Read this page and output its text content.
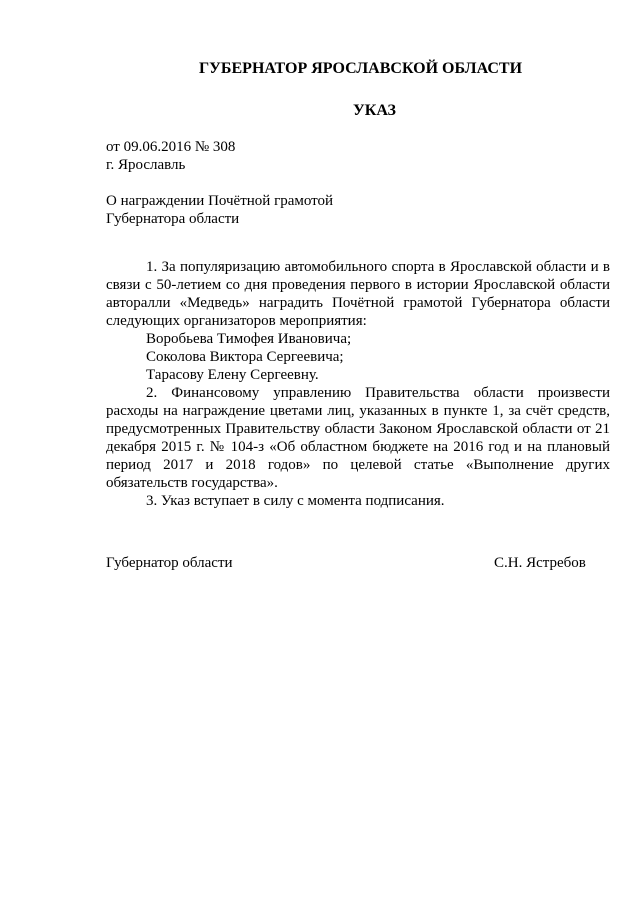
ГУБЕРНАТОР ЯРОСЛАВСКОЙ ОБЛАСТИ
УКАЗ
от 09.06.2016 № 308
г. Ярославль
О награждении Почётной грамотой
Губернатора области

1. За популяризацию автомобильного спорта в Ярославской области и в связи с 50-летием со дня проведения первого в истории Ярославской области авторалли «Медведь» наградить Почётной грамотой Губернатора области следующих организаторов мероприятия:

Воробьева Тимофея Ивановича;

Соколова Виктора Сергеевича;

Тарасову Елену Сергеевну.

2. Финансовому управлению Правительства области произвести расходы на награждение цветами лиц, указанных в пункте 1, за счёт средств, предусмотренных Правительству области Законом Ярославской области от 21 декабря 2015 г. № 104-з «Об областном бюджете на 2016 год и на плановый период 2017 и 2018 годов» по целевой статье «Выполнение других обязательств государства».

3. Указ вступает в силу с момента подписания.

Губернатор области	С.Н. Ястребов
